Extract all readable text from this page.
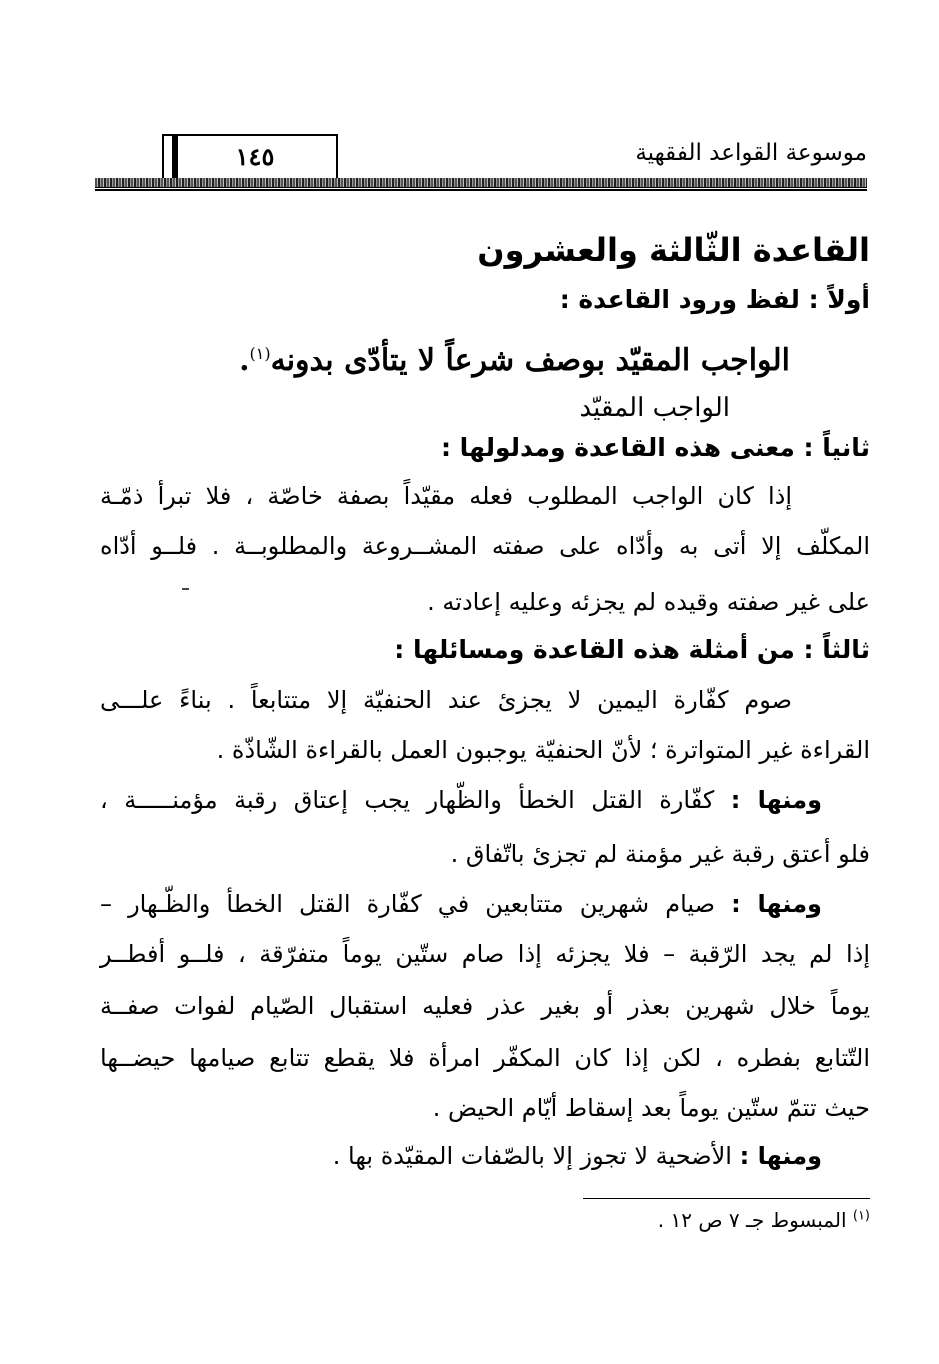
١٤٥	موسوعة القواعد الفقهية
القاعدة الثّالثة والعشرون
أولاً : لفظ ورود القاعدة :
الواجب المقيّد بوصف شرعاً لا يتأدّى بدونه$^{(١)}$.
الواجب المقيّد
ثانياً : معنى هذه القاعدة ومدلولها :
إذا كان الواجب المطلوب فعله مقيّداً بصفة خاصّة ، فلا تبرأ ذمّـة
المكلّف إلا أتى به وأدّاه على صفته المشــروعة والمطلوبــة . فلــو أدّاه
على غير صفته وقيده لم يجزئه وعليه إعادته .
ثالثاً : من أمثلة هذه القاعدة ومسائلها :
صوم كفّارة اليمين لا يجزئ عند الحنفيّة إلا متتابعاً . بناءً علـــى
القراءة غير المتواترة ؛ لأنّ الحنفيّة يوجبون العمل بالقراءة الشّاذّة .
ومنها : كفّارة القتل الخطأ والظّهار يجب إعتاق رقبة مؤمنـــــة ،
فلو أعتق رقبة غير مؤمنة لم تجزئ باتّفاق .
ومنها : صيام شهرين متتابعين في كفّارة القتل الخطأ والظّـهار –
إذا لم يجد الرّقبة – فلا يجزئه إذا صام ستّين يوماً متفرّقة ، فلــو أفطــر
يوماً خلال شهرين بعذر أو بغير عذر فعليه استقبال الصّيام لفوات صفــة
التّتابع بفطره ، لكن إذا كان المكفّر امرأة فلا يقطع تتابع صيامها حيضــها
حيث تتمّ ستّين يوماً بعد إسقاط أيّام الحيض .
ومنها : الأضحية لا تجوز إلا بالصّفات المقيّدة بها .
$^{(١)}$ المبسوط جـ ٧ ص ١٢ .
